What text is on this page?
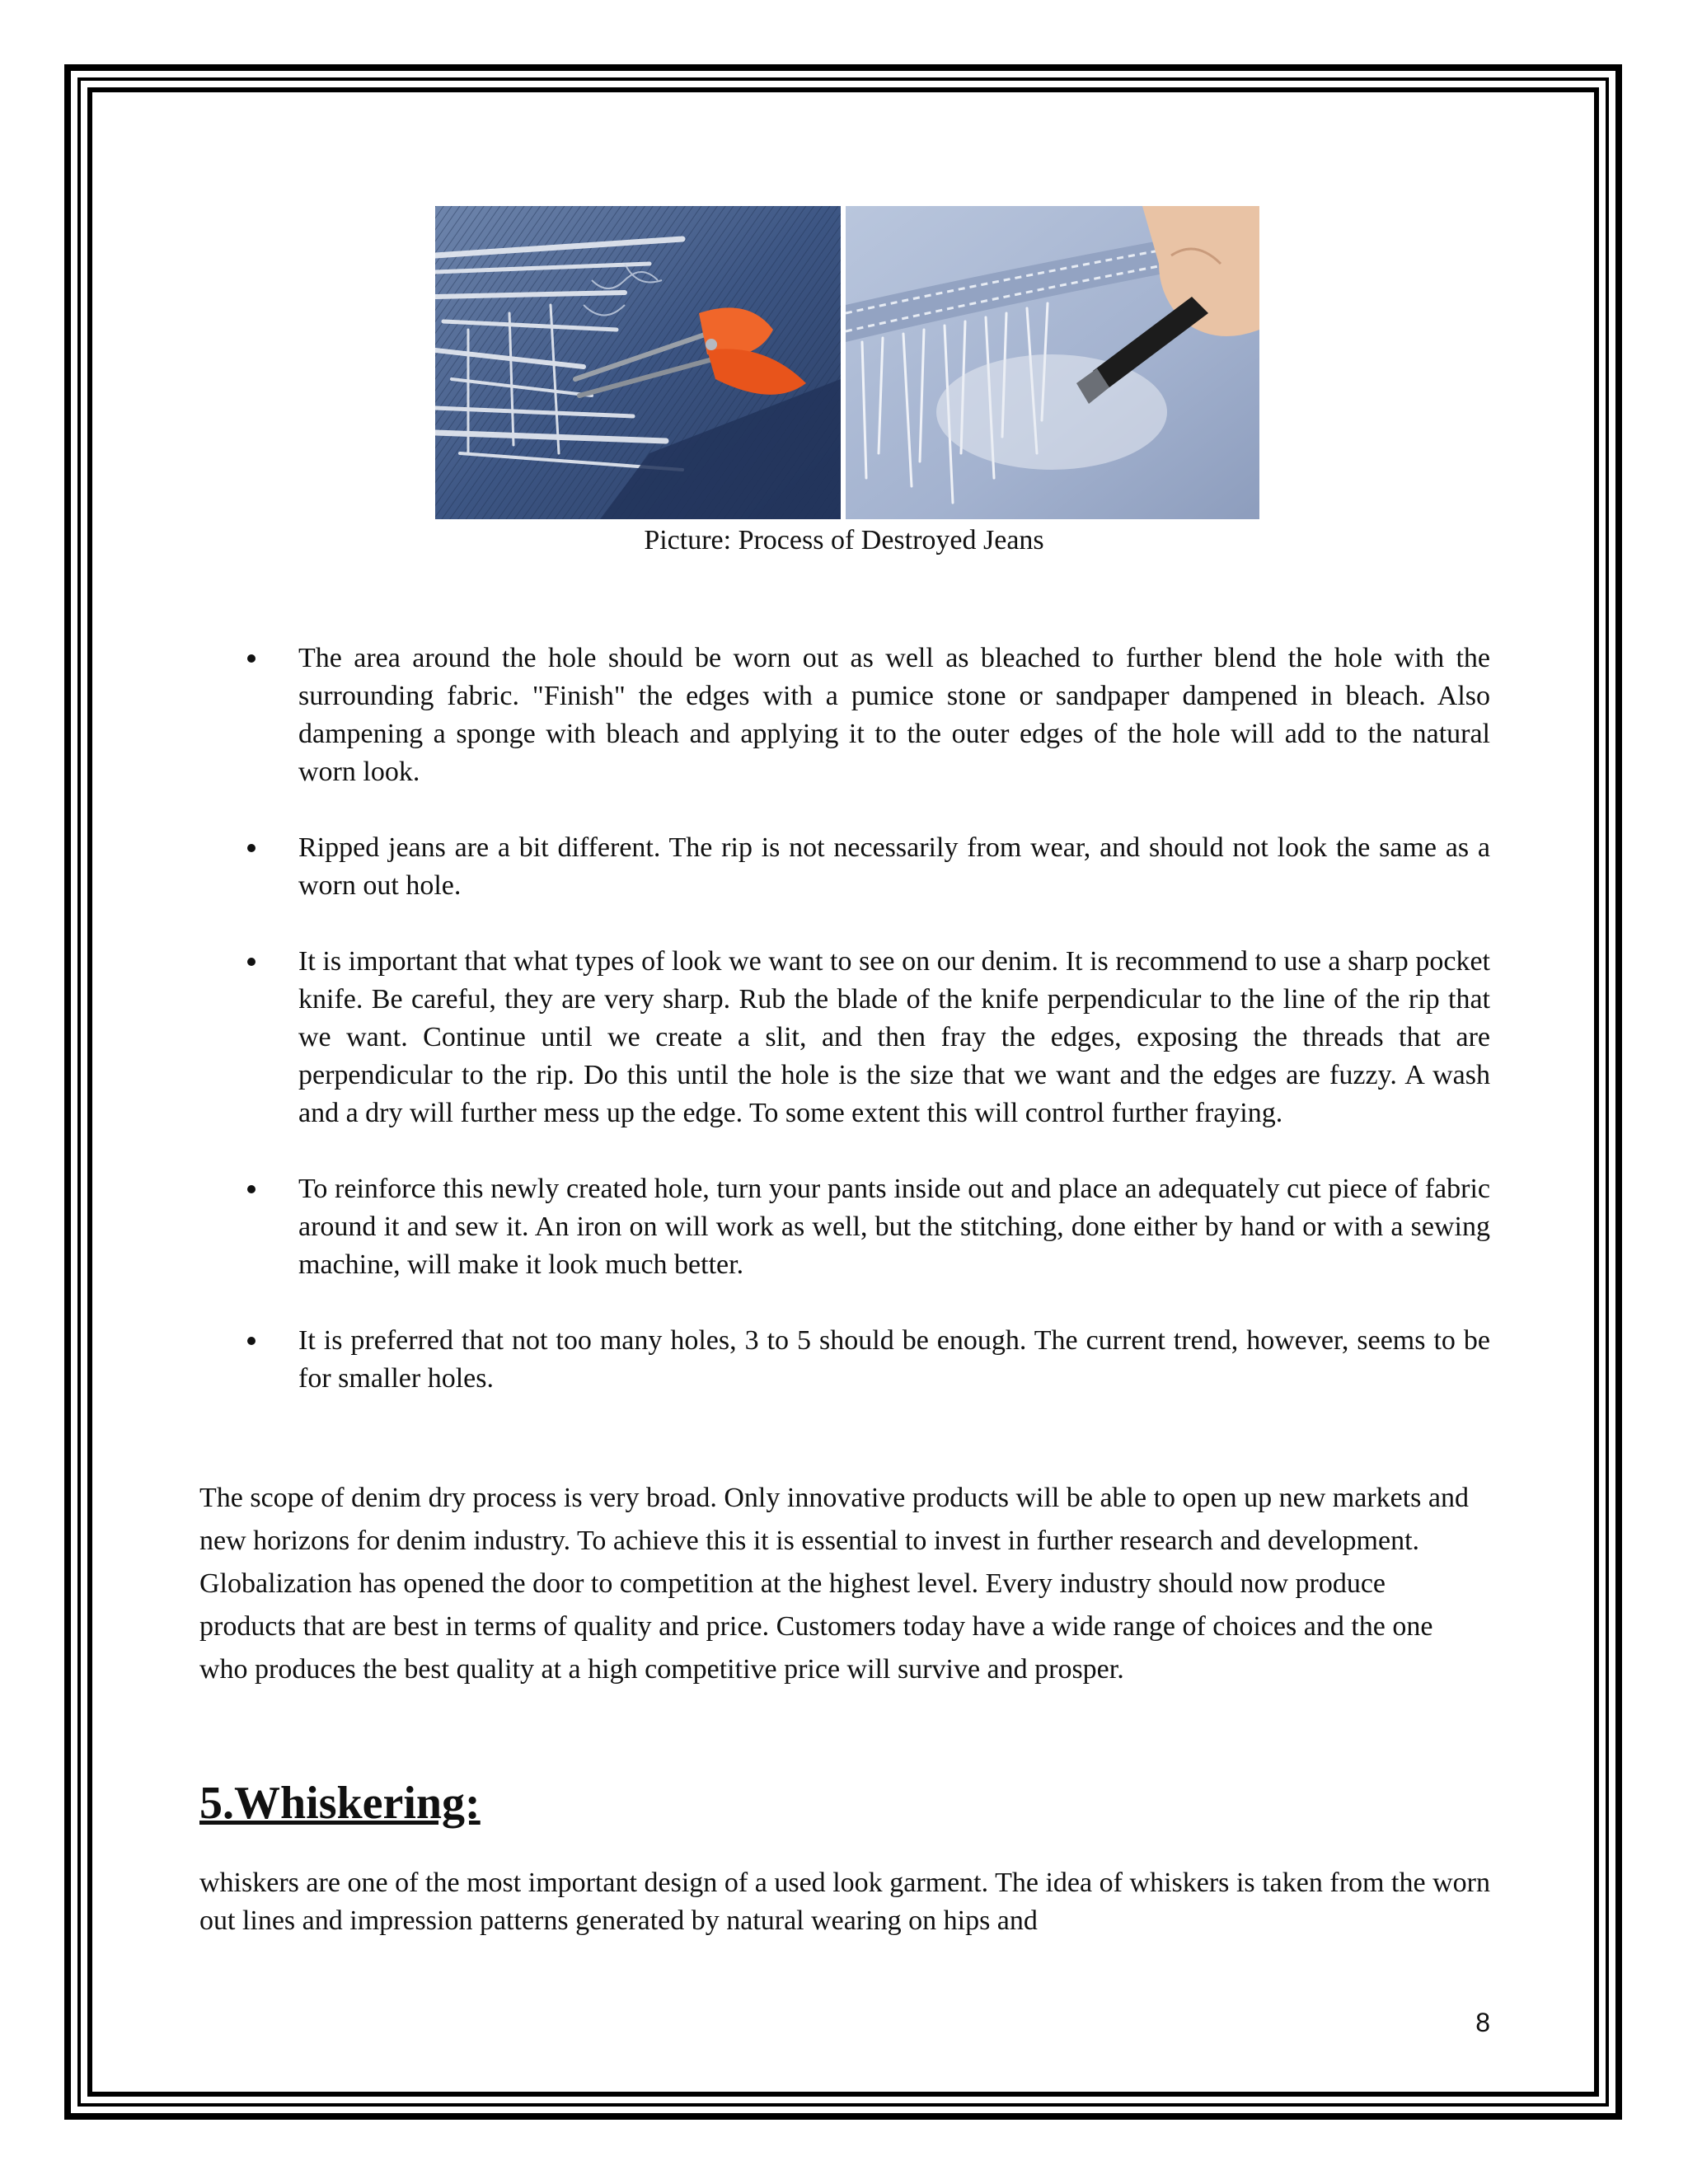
Picture: Process of Destroyed Jeans
The area around the hole should be worn out as well as bleached to further blend the hole with the surrounding fabric. "Finish" the edges with a pumice stone or sandpaper dampened in bleach. Also dampening a sponge with bleach and applying it to the outer edges of the hole will add to the natural worn look.
Ripped jeans are a bit different. The rip is not necessarily from wear, and should not look the same as a worn out hole.
It is important that what types of look we want to see on our denim. It is recommend to use a sharp pocket knife. Be careful, they are very sharp. Rub the blade of the knife perpendicular to the line of the rip that we want. Continue until we create a slit, and then fray the edges, exposing the threads that are perpendicular to the rip. Do this until the hole is the size that we want and the edges are fuzzy. A wash and a dry will further mess up the edge. To some extent this will control further fraying.
To reinforce this newly created hole, turn your pants inside out and place an adequately cut piece of fabric around it and sew it. An iron on will work as well, but the stitching, done either by hand or with a sewing machine, will make it look much better.
It is preferred that not too many holes, 3 to 5 should be enough. The current trend, however, seems to be for smaller holes.

The scope of denim dry process is very broad. Only innovative products will be able to open up new markets and new horizons for denim industry. To achieve this it is essential to invest in further research and development. Globalization has opened the door to competition at the highest level. Every industry should now produce products that are best in terms of quality and price. Customers today have a wide range of choices and the one who produces the best quality at a high competitive price will survive and prosper.

5.Whiskering:

whiskers are one of the most important design of a used look garment. The idea of whiskers is taken from the worn out lines and impression patterns generated by natural wearing on hips and

8
